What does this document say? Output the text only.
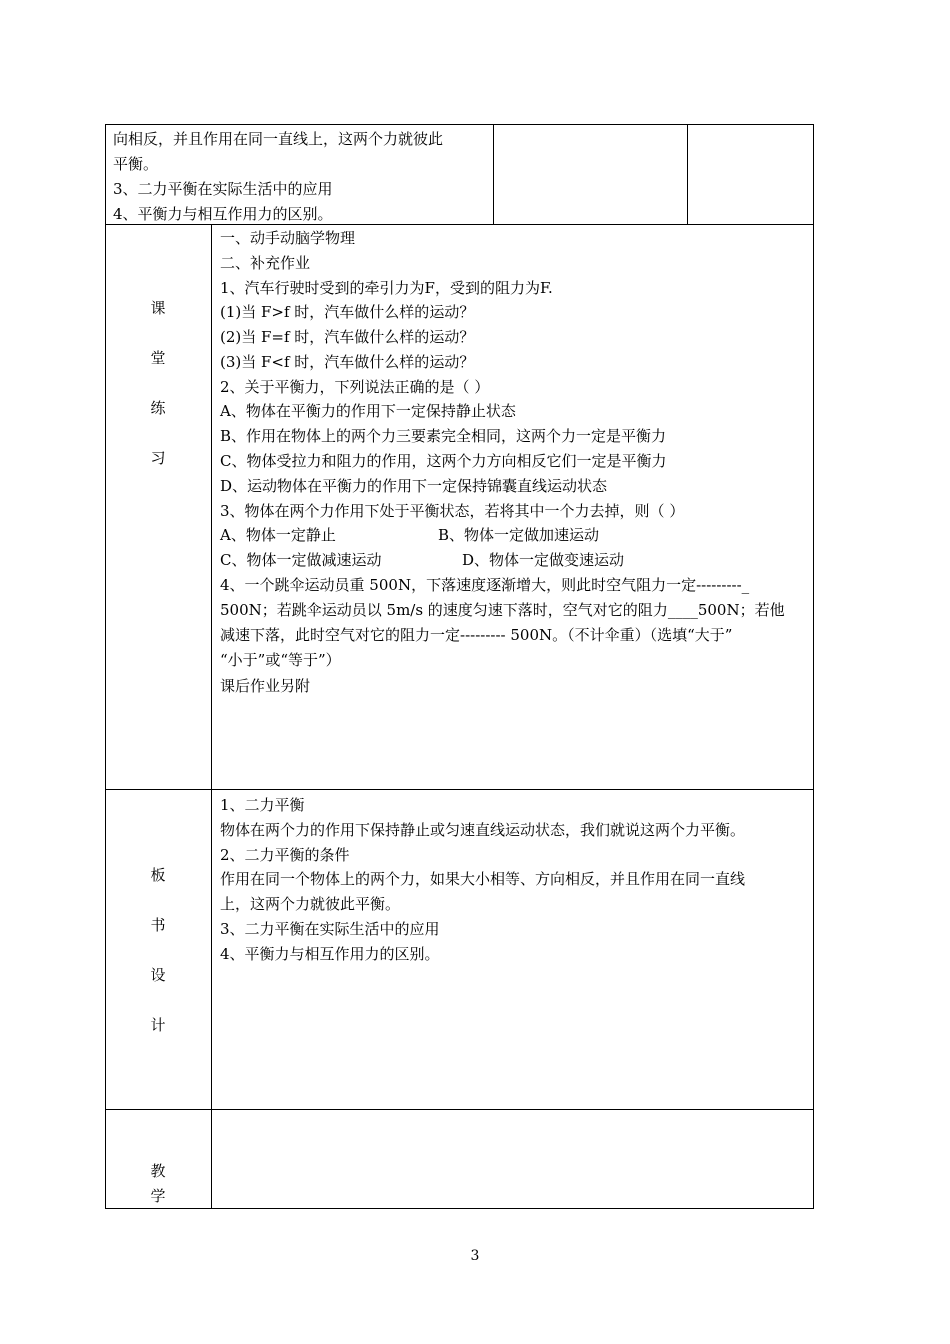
向相反，并且作用在同一直线上，这两个力就彼此
平衡。
3、二力平衡在实际生活中的应用
4、平衡力与相互作用力的区别。
课
堂
练
习
一、动手动脑学物理
二、补充作业
1、汽车行驶时受到的牵引力为F，受到的阻力为F.
(1)当 F>f 时，汽车做什么样的运动？
(2)当 F=f 时，汽车做什么样的运动？
(3)当 F<f 时，汽车做什么样的运动？
2、关于平衡力，下列说法正确的是（ ）
A、物体在平衡力的作用下一定保持静止状态
B、作用在物体上的两个力三要素完全相同，这两个力一定是平衡力
C、物体受拉力和阻力的作用，这两个力方向相反它们一定是平衡力
D、运动物体在平衡力的作用下一定保持锦囊直线运动状态
3、物体在两个力作用下处于平衡状态，若将其中一个力去掉，则（ ）
A、物体一定静止	B、物体一定做加速运动
C、物体一定做减速运动	D、物体一定做变速运动
4、一个跳伞运动员重 500N，下落速度逐渐增大，则此时空气阻力一定---------_
500N；若跳伞运动员以 5m/s 的速度匀速下落时，空气对它的阻力____500N；若他
减速下落，此时空气对它的阻力一定--------- 500N。（不计伞重）（选填“大于”
“小于”或“等于”）
课后作业另附
板
书
设
计
1、二力平衡
物体在两个力的作用下保持静止或匀速直线运动状态，我们就说这两个力平衡。
2、二力平衡的条件
作用在同一个物体上的两个力，如果大小相等、方向相反，并且作用在同一直线
上，这两个力就彼此平衡。
3、二力平衡在实际生活中的应用
4、平衡力与相互作用力的区别。
教
学
3
